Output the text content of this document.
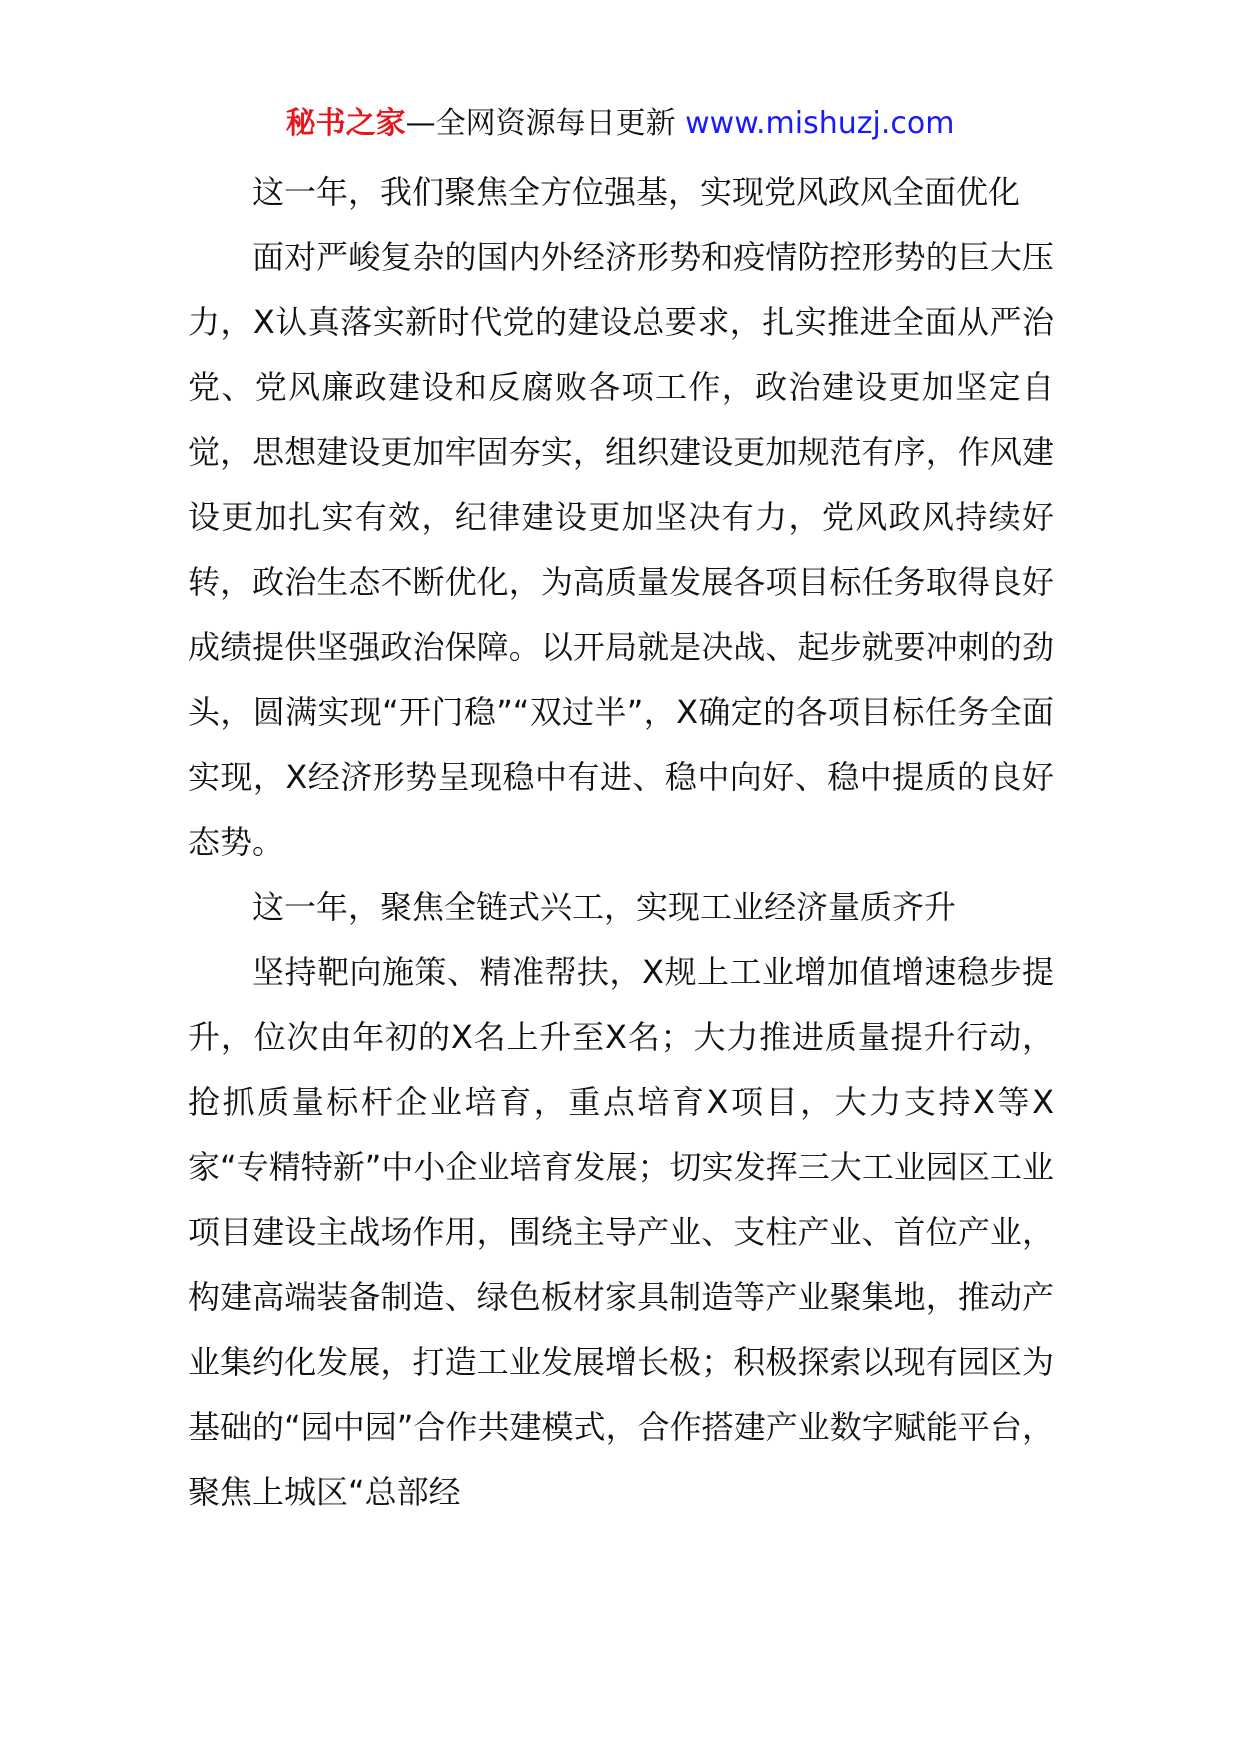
秘书之家—全网资源每日更新 www.mishuzj.com

这一年，我们聚焦全方位强基，实现党风政风全面优化

面对严峻复杂的国内外经济形势和疫情防控形势的巨大压力，X认真落实新时代党的建设总要求，扎实推进全面从严治党、党风廉政建设和反腐败各项工作，政治建设更加坚定自觉，思想建设更加牢固夯实，组织建设更加规范有序，作风建设更加扎实有效，纪律建设更加坚决有力，党风政风持续好转，政治生态不断优化，为高质量发展各项目标任务取得良好成绩提供坚强政治保障。以开局就是决战、起步就要冲刺的劲头，圆满实现“开门稳”“双过半”，X确定的各项目标任务全面实现，X经济形势呈现稳中有进、稳中向好、稳中提质的良好态势。

这一年，聚焦全链式兴工，实现工业经济量质齐升

坚持靶向施策、精准帮扶，X规上工业增加值增速稳步提升，位次由年初的X名上升至X名；大力推进质量提升行动，抢抓质量标杆企业培育，重点培育X项目，大力支持X等X家“专精特新”中小企业培育发展；切实发挥三大工业园区工业项目建设主战场作用，围绕主导产业、支柱产业、首位产业，构建高端装备制造、绿色板材家具制造等产业聚集地，推动产业集约化发展，打造工业发展增长极；积极探索以现有园区为基础的“园中园”合作共建模式，合作搭建产业数字赋能平台，聚焦上城区“总部经
